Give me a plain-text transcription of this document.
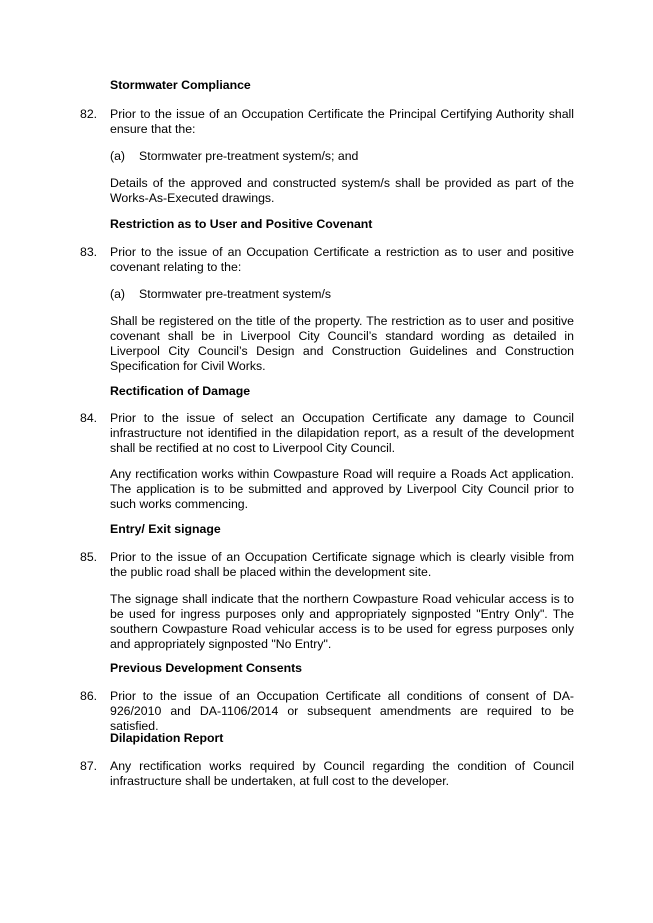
Stormwater Compliance
82. Prior to the issue of an Occupation Certificate the Principal Certifying Authority shall ensure that the:
(a) Stormwater pre-treatment system/s; and
Details of the approved and constructed system/s shall be provided as part of the Works-As-Executed drawings.
Restriction as to User and Positive Covenant
83. Prior to the issue of an Occupation Certificate a restriction as to user and positive covenant relating to the:
(a) Stormwater pre-treatment system/s
Shall be registered on the title of the property. The restriction as to user and positive covenant shall be in Liverpool City Council’s standard wording as detailed in Liverpool City Council’s Design and Construction Guidelines and Construction Specification for Civil Works.
Rectification of Damage
84. Prior to the issue of select an Occupation Certificate any damage to Council infrastructure not identified in the dilapidation report, as a result of the development shall be rectified at no cost to Liverpool City Council.
Any rectification works within Cowpasture Road will require a Roads Act application. The application is to be submitted and approved by Liverpool City Council prior to such works commencing.
Entry/ Exit signage
85. Prior to the issue of an Occupation Certificate signage which is clearly visible from the public road shall be placed within the development site.
The signage shall indicate that the northern Cowpasture Road vehicular access is to be used for ingress purposes only and appropriately signposted "Entry Only". The southern Cowpasture Road vehicular access is to be used for egress purposes only and appropriately signposted "No Entry".
Previous Development Consents
86. Prior to the issue of an Occupation Certificate all conditions of consent of DA-926/2010 and DA-1106/2014 or subsequent amendments are required to be satisfied.
Dilapidation Report
87. Any rectification works required by Council regarding the condition of Council infrastructure shall be undertaken, at full cost to the developer.
